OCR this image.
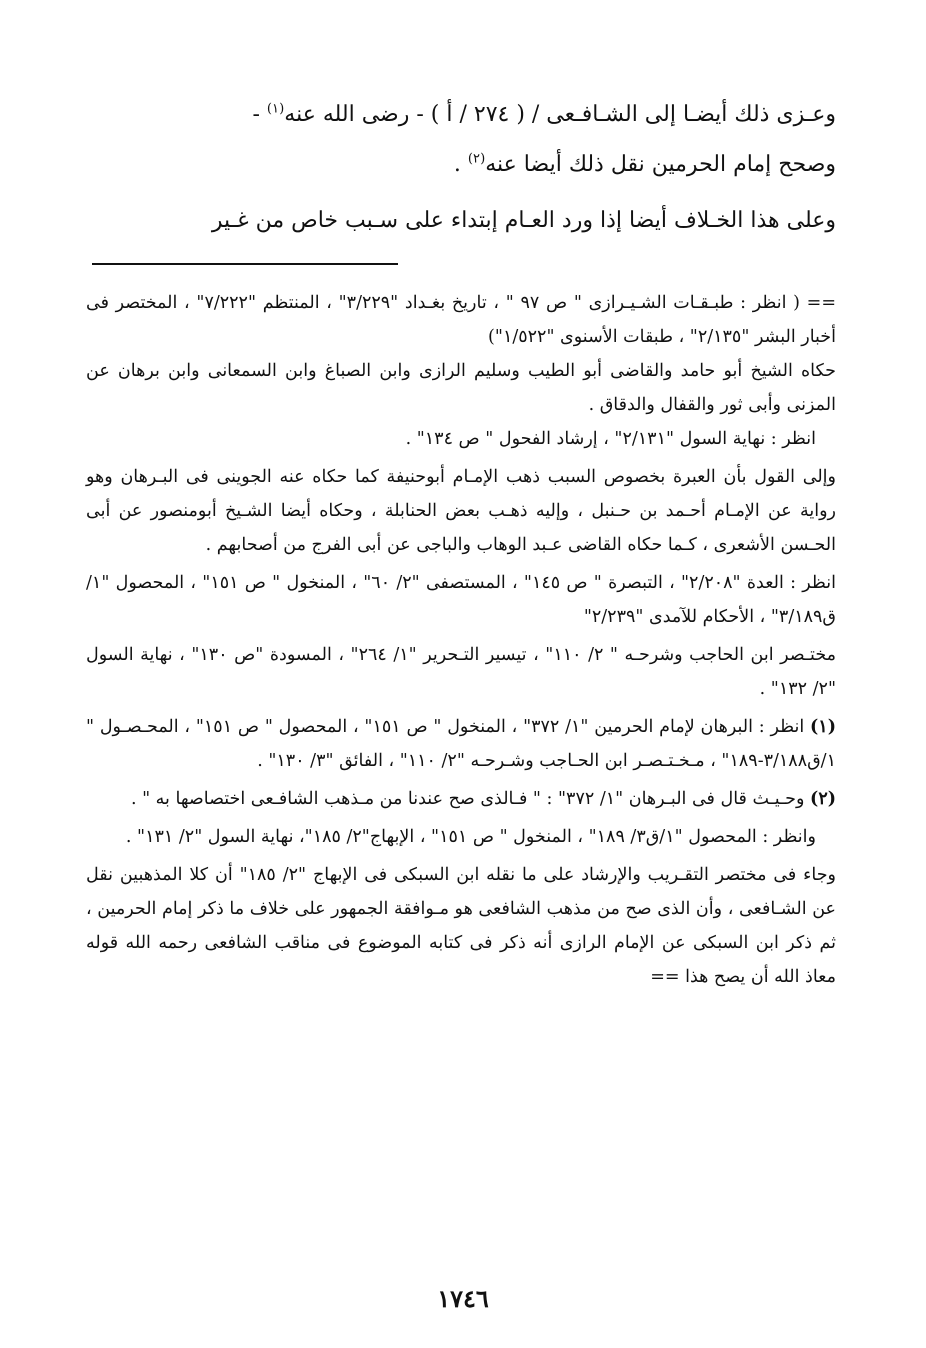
وعـزى ذلك أيضـا إلى الشـافـعى / ( ٢٧٤ / أ ) - رضى الله عنه$^{(١)}$ -

وصحح إمام الحرمين نقل ذلك أيضا عنه$^{(٢)}$ .

وعلى هذا الخـلاف أيضا إذا ورد العـام إبتداء على سـبب خاص من غـير

== ( انظر : طبـقـات الشـيـرازى " ص ٩٧ " ، تاريخ بغـداد "٣/٢٢٩" ، المنتظم "٧/٢٢٢" ، المختصر فى أخبار البشر "٢/١٣٥" ، طبقات الأسنوى "١/٥٢٢")

حكاه الشيخ أبو حامد والقاضى أبو الطيب وسليم الرازى وابن الصباغ وابن السمعانى وابن برهان عن المزنى وأبى ثور والقفال والدقاق .

انظر : نهاية السول "٢/١٣١" ، إرشاد الفحول " ص ١٣٤" .

وإلى القول بأن العبرة بخصوص السبب ذهب الإمـام أبوحنيفة كما حكاه عنه الجوينى فى البـرهان وهو رواية عن الإمـام أحـمد بن حـنبل ، وإليه ذهـب بعض الحنابلة ، وحكاه أيضا الشـيخ أبومنصور عن أبى الحـسن الأشعرى ، كـما حكاه القاضى عـبد الوهاب والباجى عن أبى الفرج من أصحابهم .

انظر : العدة "٢/٢٠٨" ، التبصرة " ص ١٤٥" ، المستصفى "٢/ ٦٠" ، المنخول " ص ١٥١" ، المحصول "١/ ق٣/١٨٩" ، الأحكام للآمدى "٢/٢٣٩"

مختـصر ابن الحاجب وشرحـه " ٢/ ١١٠" ، تيسير التـحرير "١/ ٢٦٤" ، المسودة "ص ١٣٠" ، نهاية السول "٢/ ١٣٢" .

(١) انظر : البرهان لإمام الحرمين "١/ ٣٧٢" ، المنخول " ص ١٥١" ، المحصول " ص ١٥١" ، المحـصـول " ١/ق٣/١٨٨-١٨٩" ، مـخـتـصـر ابن الحـاجب وشـرحـه "٢/ ١١٠" ، الفائق "٣/ ١٣٠" .

(٢) وحـيـث قال فى البـرهان "١/ ٣٧٢" : " فـالذى صح عندنا من مـذهب الشافـعى اختصاصها به " .

وانظر : المحصول "١/ق٣/ ١٨٩" ، المنخول " ص ١٥١" ، الإبهاج"٢/ ١٨٥"، نهاية السول "٢/ ١٣١" .

وجاء فى مختصر التقـريب والإرشاد على ما نقله ابن السبكى فى الإبهاج "٢/ ١٨٥" أن كلا المذهبين نقل عن الشـافعى ، وأن الذى صح من مذهب الشافعى هو مـوافقة الجمهور على خلاف ما ذكر إمام الحرمين ، ثم ذكر ابن السبكى عن الإمام الرازى أنه ذكر فى كتابه الموضوع فى مناقب الشافعى رحمه الله قوله معاذ الله أن يصح هذا ==

١٧٤٦
